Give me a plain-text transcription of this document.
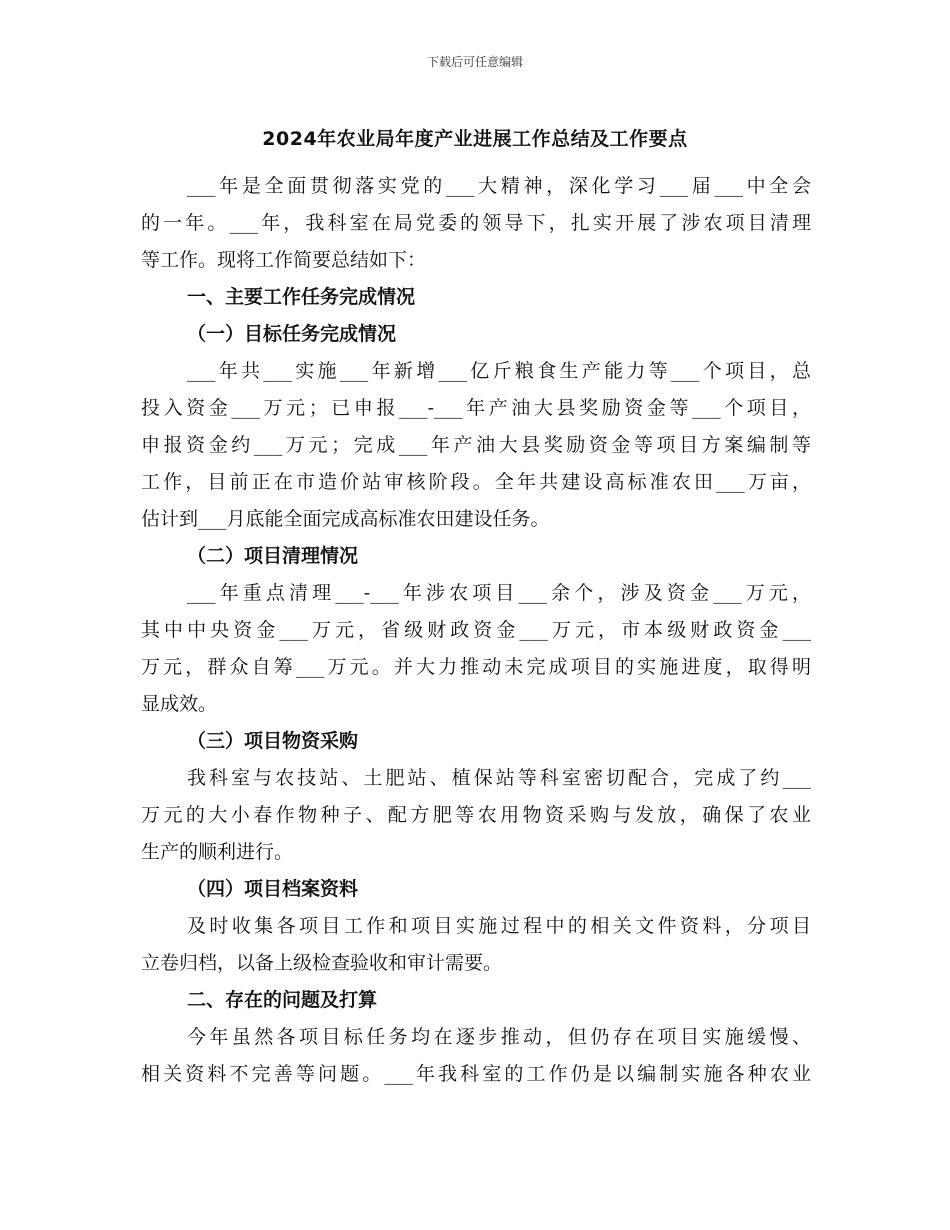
下载后可任意编辑
2024年农业局年度产业进展工作总结及工作要点
___年是全面贯彻落实党的___大精神，深化学习___届___中全会
的一年。___年，我科室在局党委的领导下，扎实开展了涉农项目清理
等工作。现将工作简要总结如下：
一、主要工作任务完成情况
（一）目标任务完成情况
___年共___实施___年新增___亿斤粮食生产能力等___个项目，总
投入资金___万元；已申报___-___年产油大县奖励资金等___个项目，
申报资金约___万元；完成___年产油大县奖励资金等项目方案编制等
工作，目前正在市造价站审核阶段。全年共建设高标准农田___万亩，
估计到___月底能全面完成高标准农田建设任务。
（二）项目清理情况
___年重点清理___-___年涉农项目___余个，涉及资金___万元，
其中中央资金___万元，省级财政资金___万元，市本级财政资金___
万元，群众自筹___万元。并大力推动未完成项目的实施进度，取得明
显成效。
（三）项目物资采购
我科室与农技站、土肥站、植保站等科室密切配合，完成了约___
万元的大小春作物种子、配方肥等农用物资采购与发放，确保了农业
生产的顺利进行。
（四）项目档案资料
及时收集各项目工作和项目实施过程中的相关文件资料，分项目
立卷归档，以备上级检查验收和审计需要。
二、存在的问题及打算
今年虽然各项目标任务均在逐步推动，但仍存在项目实施缓慢、
相关资料不完善等问题。___年我科室的工作仍是以编制实施各种农业
